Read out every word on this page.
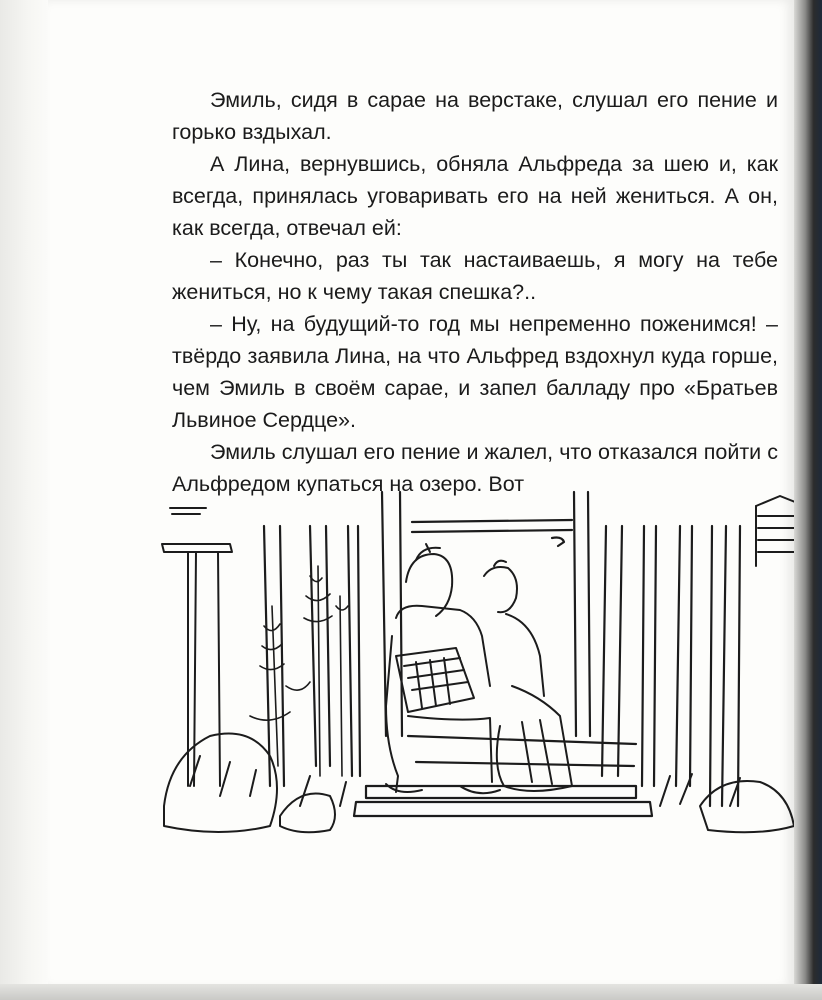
Эмиль, сидя в сарае на верстаке, слушал его пение и горько вздыхал.

А Лина, вернувшись, обняла Альфреда за шею и, как всегда, принялась уговаривать его на ней жениться. А он, как всегда, отвечал ей:

– Конечно, раз ты так настаиваешь, я могу на тебе жениться, но к чему такая спешка?..

– Ну, на будущий-то год мы непременно поженимся! – твёрдо заявила Лина, на что Альфред вздохнул куда горше, чем Эмиль в своём сарае, и запел балладу про «Братьев Львиное Сердце».

Эмиль слушал его пение и жалел, что отказался пойти с Альфредом купаться на озеро. Вот
